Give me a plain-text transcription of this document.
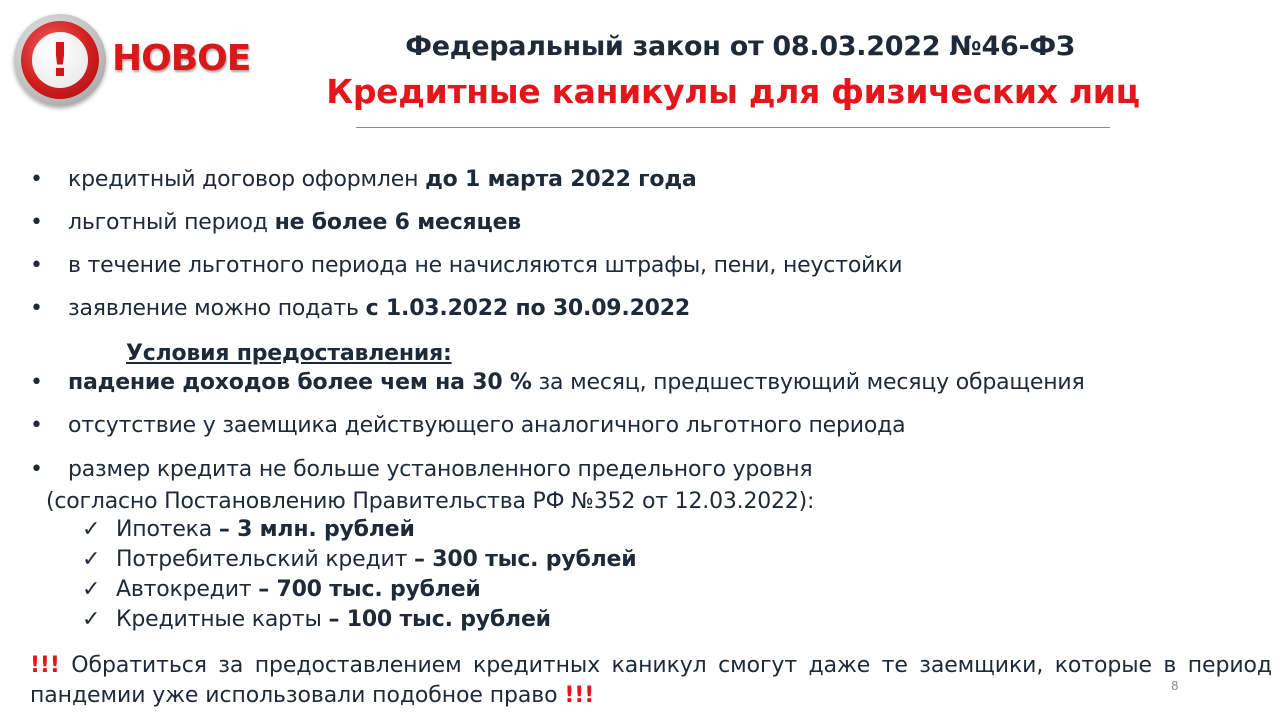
!	НОВОЕ	Федеральный закон от 08.03.2022 №46-ФЗ
Кредитные каникулы для физических лиц
•	кредитный договор оформлен до 1 марта 2022 года
•	льготный период не более 6 месяцев
•	в течение льготного периода не начисляются штрафы, пени, неустойки
•	заявление можно подать с 1.03.2022 по 30.09.2022
Условия предоставления:
•	падение доходов более чем на 30 % за месяц, предшествующий месяцу обращения
•	отсутствие у заемщика действующего аналогичного льготного периода
•	размер кредита не больше установленного предельного уровня
(согласно Постановлению Правительства РФ №352 от 12.03.2022):
✓ Ипотека – 3 млн. рублей
✓ Потребительский кредит – 300 тыс. рублей
✓ Автокредит – 700 тыс. рублей
✓ Кредитные карты – 100 тыс. рублей
!!! Обратиться за предоставлением кредитных каникул смогут даже те заемщики, которые в период пандемии уже использовали подобное право !!!	8
